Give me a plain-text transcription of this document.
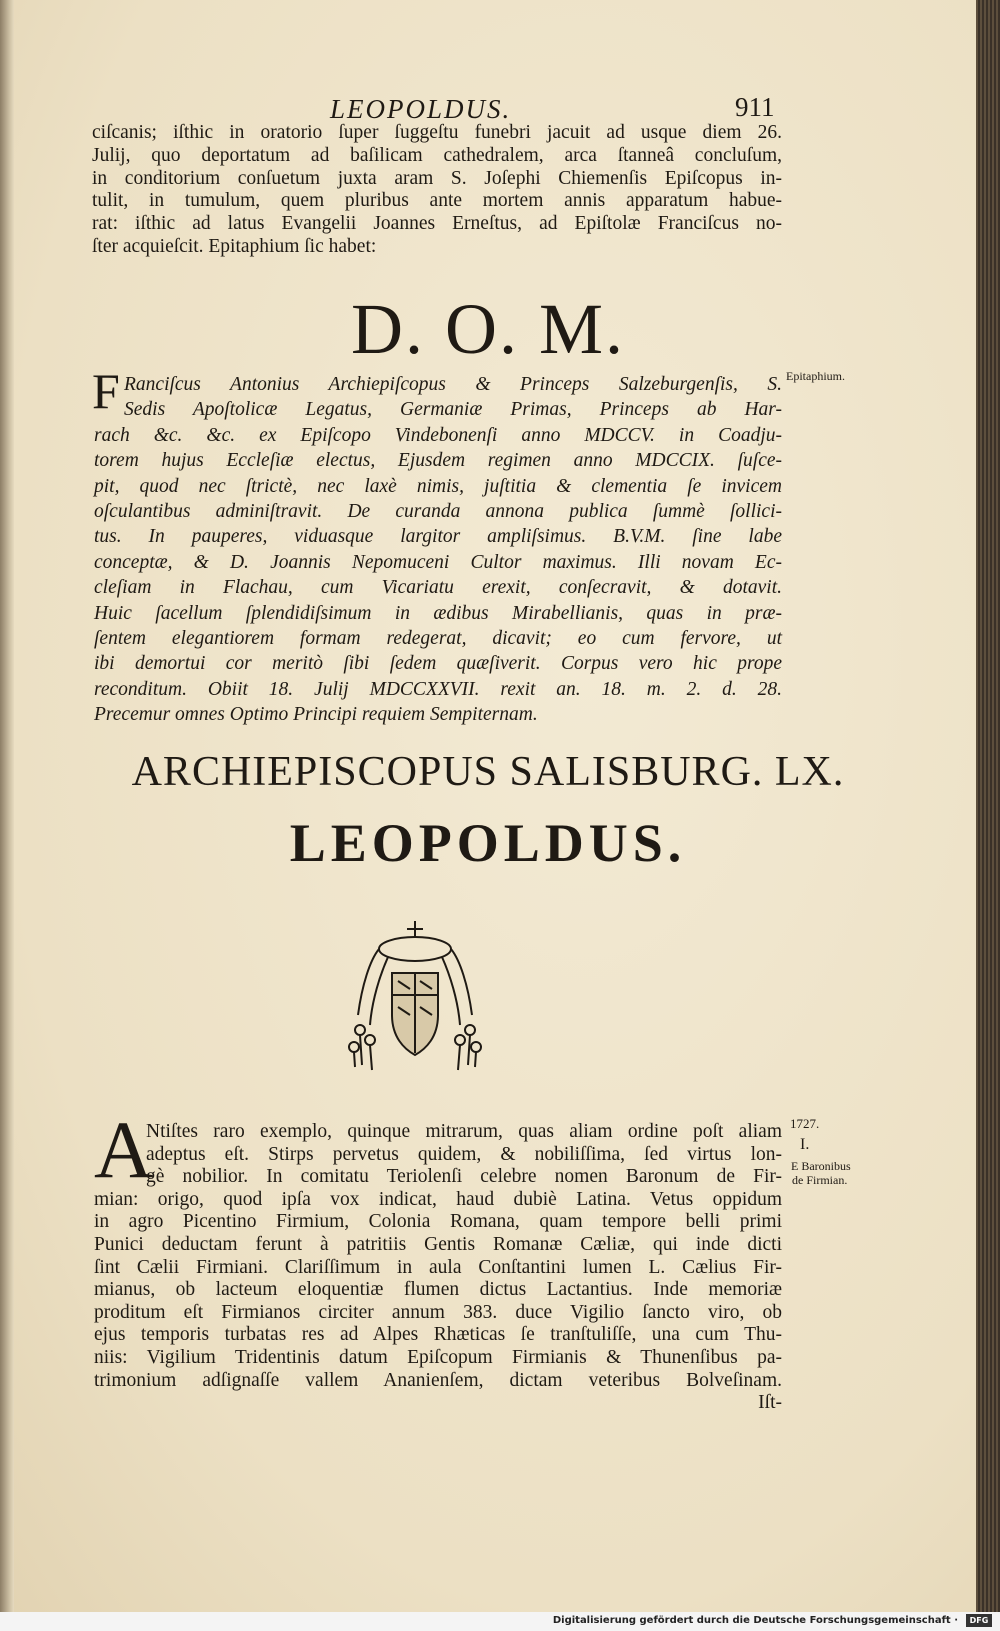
LEOPOLDUS.	911
ciſcanis; iſthic in oratorio ſuper ſuggeſtu funebri jacuit ad usque diem 26.
Julij, quo deportatum ad baſilicam cathedralem, arca ſtanneâ concluſum,
in conditorium conſuetum juxta aram S. Joſephi Chiemenſis Epiſcopus in-
tulit, in tumulum, quem pluribus ante mortem annis apparatum habue-
rat: iſthic ad latus Evangelii Joannes Erneſtus, ad Epiſtolæ Franciſcus no-
ſter acquieſcit. Epitaphium ſic habet:
D. O. M.
F Ranciſcus Antonius Archiepiſcopus & Princeps Salzeburgenſis, S.
Sedis Apoſtolicæ Legatus, Germaniæ Primas, Princeps ab Har-
rach &c. &c. ex Epiſcopo Vindebonenſi anno MDCCV. in Coadju-
torem hujus Eccleſiæ electus, Ejusdem regimen anno MDCCIX. ſuſce-
pit, quod nec ſtrictè, nec laxè nimis, juſtitia & clementia ſe invicem
oſculantibus adminiſtravit. De curanda annona publica ſummè ſollici-
tus. In pauperes, viduasque largitor ampliſsimus. B.V.M. ſine labe
conceptæ, & D. Joannis Nepomuceni Cultor maximus. Illi novam Ec-
cleſiam in Flachau, cum Vicariatu erexit, conſecravit, & dotavit.
Huic ſacellum ſplendidiſsimum in ædibus Mirabellianis, quas in præ-
ſentem elegantiorem formam redegerat, dicavit; eo cum fervore, ut
ibi demortui cor meritò ſibi ſedem quæſiverit. Corpus vero hic prope
reconditum. Obiit 18. Julij MDCCXXVII. rexit an. 18. m. 2. d. 28.
Precemur omnes Optimo Principi requiem Sempiternam.
Epitaphium.
ARCHIEPISCOPUS SALISBURG. LX.
LEOPOLDUS.
A
Ntiſtes raro exemplo, quinque mitrarum, quas aliam ordine poſt aliam
adeptus eſt. Stirps pervetus quidem, & nobiliſſima, ſed virtus lon-
gè nobilior. In comitatu Teriolenſi celebre nomen Baronum de Fir-
mian: origo, quod ipſa vox indicat, haud dubiè Latina. Vetus oppidum
in agro Picentino Firmium, Colonia Romana, quam tempore belli primi
Punici deductam ferunt à patritiis Gentis Romanæ Cæliæ, qui inde dicti
ſint Cælii Firmiani. Clariſſimum in aula Conſtantini lumen L. Cælius Fir-
mianus, ob lacteum eloquentiæ flumen dictus Lactantius. Inde memoriæ
proditum eſt Firmianos circiter annum 383. duce Vigilio ſancto viro, ob
ejus temporis turbatas res ad Alpes Rhæticas ſe tranſtuliſſe, una cum Thu-
niis: Vigilium Tridentinis datum Epiſcopum Firmianis & Thunenſibus pa-
trimonium adſignaſſe vallem Ananienſem, dictam veteribus Bolveſinam.
Iſt-
1727.
I.
E Baronibus
de Firmian.
Digitalisierung gefördert durch die Deutsche Forschungsgemeinschaft ·	DFG
